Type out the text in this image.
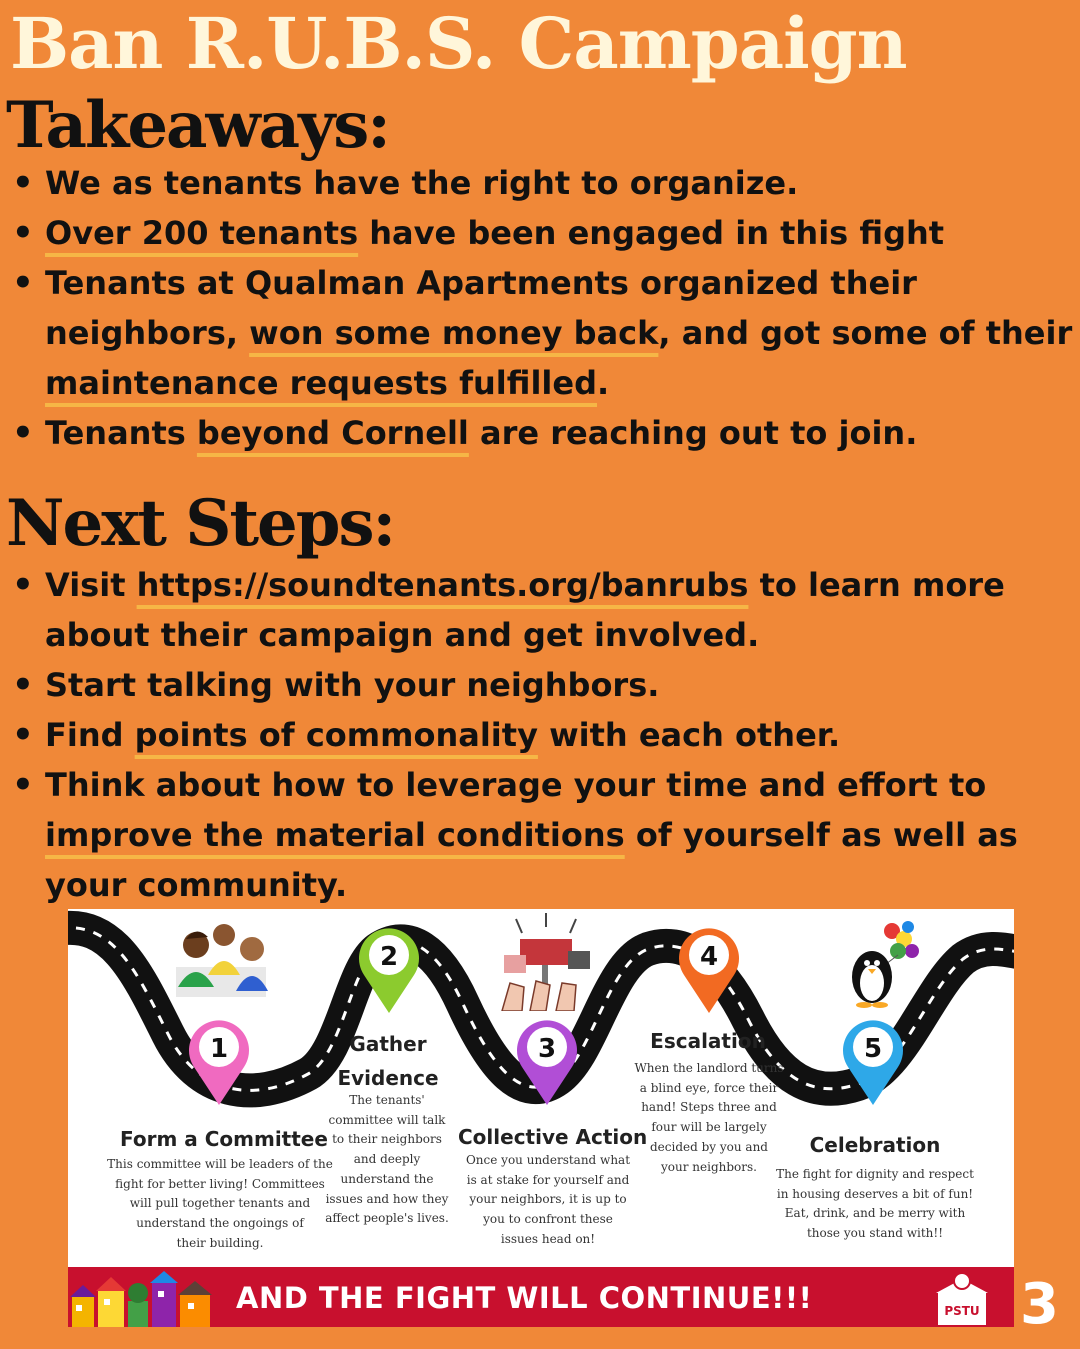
Ban R.U.B.S. Campaign
Takeaways:
• We as tenants have the right to organize.
• Over 200 tenants have been engaged in this fight
• Tenants at Qualman Apartments organized their
neighbors, won some money back, and got some of their
maintenance requests fulfilled.
• Tenants beyond Cornell are reaching out to join.
Next Steps:
• Visit https://soundtenants.org/banrubs to learn more
about their campaign and get involved.
• Start talking with your neighbors.
• Find points of commonality with each other.
• Think about how to leverage your time and effort to
improve the material conditions of yourself as well as
your community.
1
2
3
4
5
Form a Committee
This committee will be leaders of the
fight for better living! Committees
will pull together tenants and
understand the ongoings of
their building.
Gather
Evidence
The tenants'
committee will talk
to their neighbors
and deeply
understand the
issues and how they
affect people's lives.
Collective Action
Once you understand what
is at stake for yourself and
your neighbors, it is up to
you to confront these
issues head on!
Escalation
When the landlord turns
a blind eye, force their
hand! Steps three and
four will be largely
decided by you and
your neighbors.
Celebration
The fight for dignity and respect
in housing deserves a bit of fun!
Eat, drink, and be merry with
those you stand with!!
AND THE FIGHT WILL CONTINUE!!!	PSTU 3
